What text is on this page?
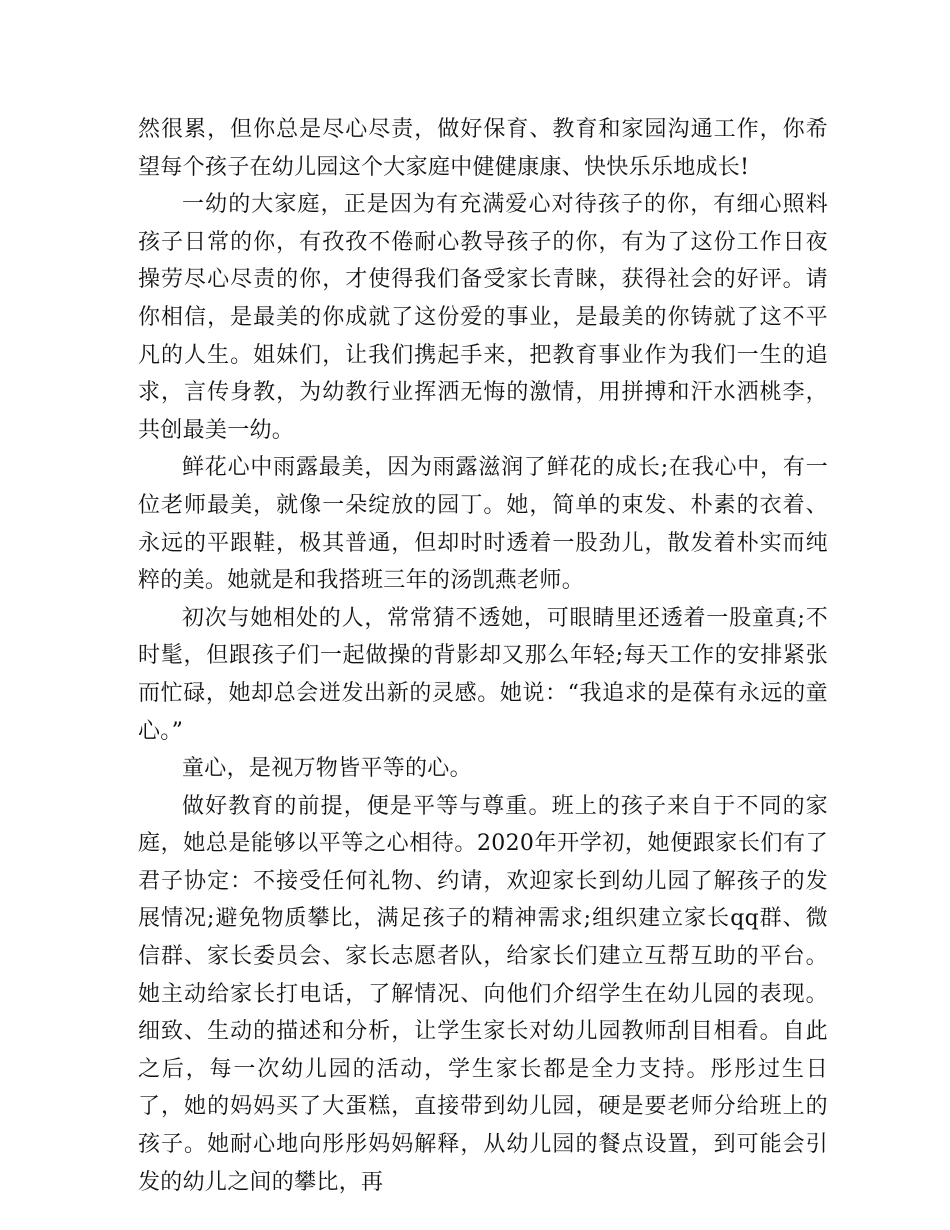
然很累，但你总是尽心尽责，做好保育、教育和家园沟通工作，你希望每个孩子在幼儿园这个大家庭中健健康康、快快乐乐地成长!

一幼的大家庭，正是因为有充满爱心对待孩子的你，有细心照料孩子日常的你，有孜孜不倦耐心教导孩子的你，有为了这份工作日夜操劳尽心尽责的你，才使得我们备受家长青睐，获得社会的好评。请你相信，是最美的你成就了这份爱的事业，是最美的你铸就了这不平凡的人生。姐妹们，让我们携起手来，把教育事业作为我们一生的追求，言传身教，为幼教行业挥洒无悔的激情，用拼搏和汗水洒桃李，共创最美一幼。

鲜花心中雨露最美，因为雨露滋润了鲜花的成长;在我心中，有一位老师最美，就像一朵绽放的园丁。她，简单的束发、朴素的衣着、永远的平跟鞋，极其普通，但却时时透着一股劲儿，散发着朴实而纯粹的美。她就是和我搭班三年的汤凯燕老师。

初次与她相处的人，常常猜不透她，可眼睛里还透着一股童真;不时髦，但跟孩子们一起做操的背影却又那么年轻;每天工作的安排紧张而忙碌，她却总会迸发出新的灵感。她说：“我追求的是葆有永远的童心。”

童心，是视万物皆平等的心。

做好教育的前提，便是平等与尊重。班上的孩子来自于不同的家庭，她总是能够以平等之心相待。2020年开学初，她便跟家长们有了君子协定：不接受任何礼物、约请，欢迎家长到幼儿园了解孩子的发展情况;避免物质攀比，满足孩子的精神需求;组织建立家长qq群、微信群、家长委员会、家长志愿者队，给家长们建立互帮互助的平台。她主动给家长打电话，了解情况、向他们介绍学生在幼儿园的表现。细致、生动的描述和分析，让学生家长对幼儿园教师刮目相看。自此之后，每一次幼儿园的活动，学生家长都是全力支持。彤彤过生日了，她的妈妈买了大蛋糕，直接带到幼儿园，硬是要老师分给班上的孩子。她耐心地向彤彤妈妈解释，从幼儿园的餐点设置，到可能会引发的幼儿之间的攀比，再
